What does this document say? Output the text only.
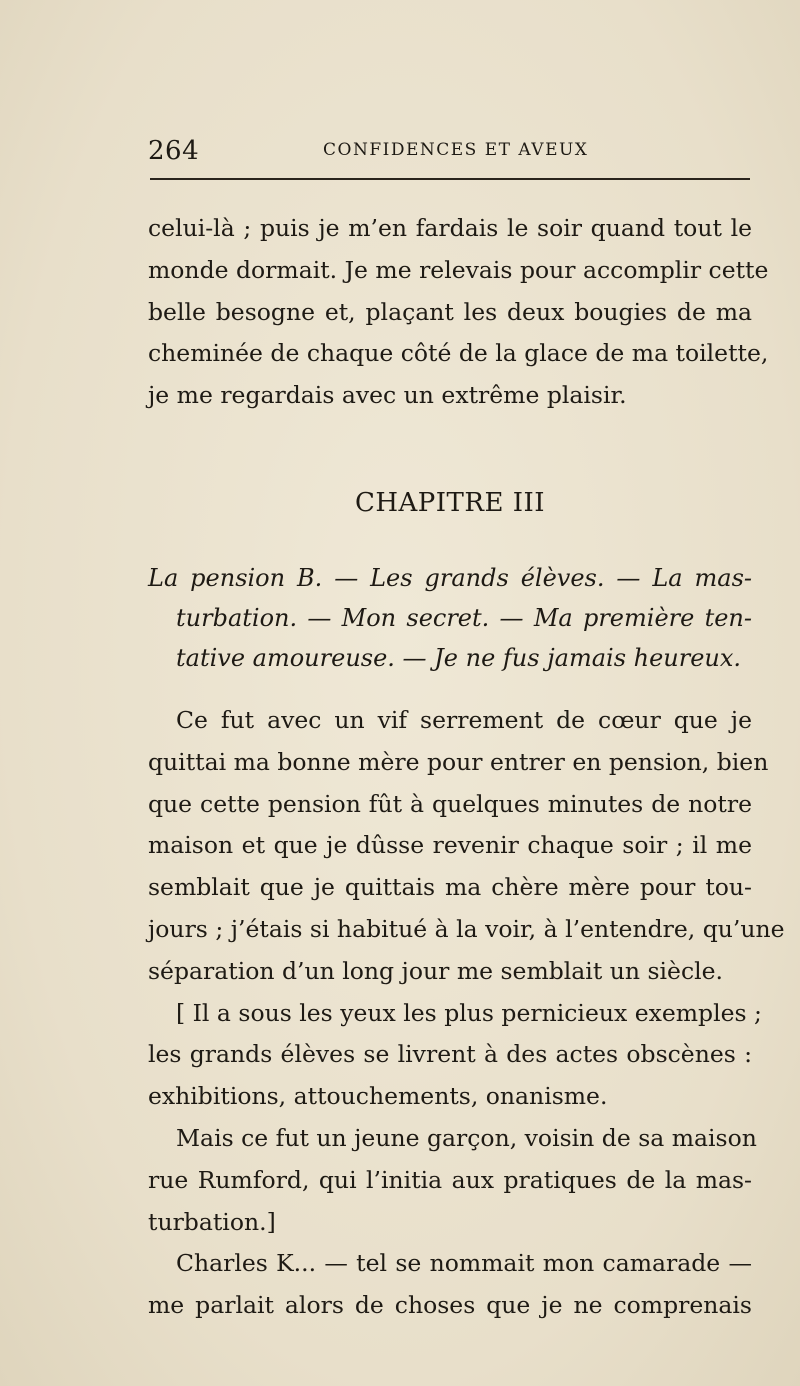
264	CONFIDENCES ET AVEUX
celui-là ; puis je m’en fardais le soir quand tout le
monde dormait. Je me relevais pour accomplir cette
belle besogne et, plaçant les deux bougies de ma
cheminée de chaque côté de la glace de ma toilette,
je me regardais avec un extrême plaisir.
CHAPITRE III
La pension B. — Les grands élèves. — La mas-
turbation. — Mon secret. — Ma première ten-
tative amoureuse. — Je ne fus jamais heureux.
Ce fut avec un vif serrement de cœur que je
quittai ma bonne mère pour entrer en pension, bien
que cette pension fût à quelques minutes de notre
maison et que je dûsse revenir chaque soir ; il me
semblait que je quittais ma chère mère pour tou-
jours ; j’étais si habitué à la voir, à l’entendre, qu’une
séparation d’un long jour me semblait un siècle.
[ Il a sous les yeux les plus pernicieux exemples ;
les grands élèves se livrent à des actes obscènes :
exhibitions, attouchements, onanisme.
Mais ce fut un jeune garçon, voisin de sa maison
rue Rumford, qui l’initia aux pratiques de la mas-
turbation.]
Charles K... — tel se nommait mon camarade —
me parlait alors de choses que je ne comprenais
